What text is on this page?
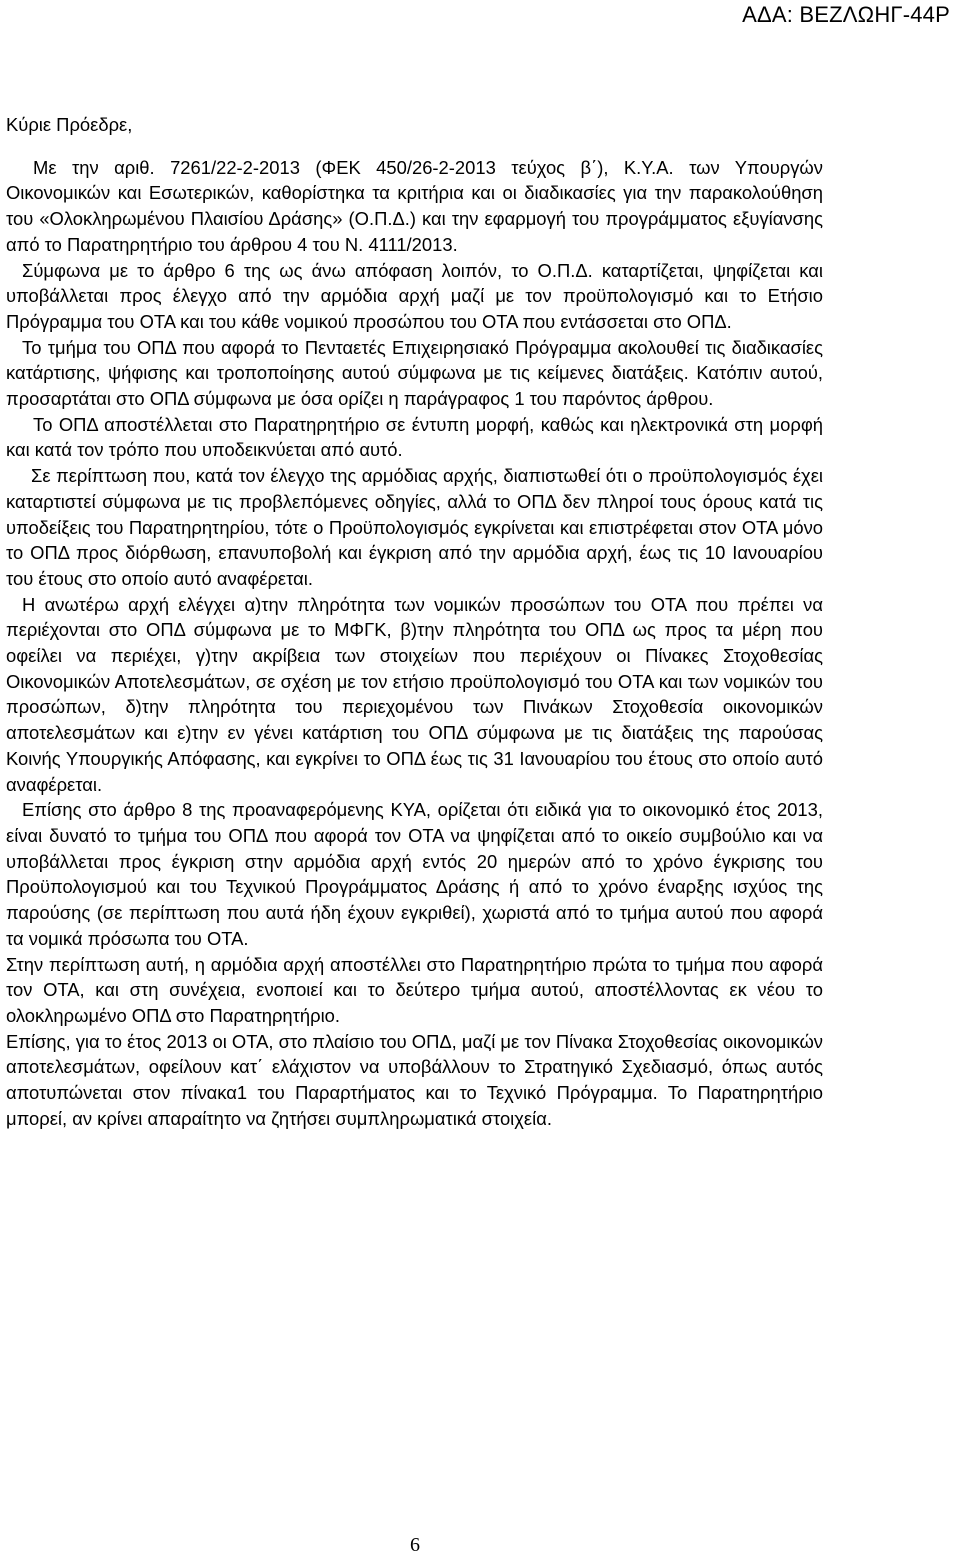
ΑΔΑ: ΒΕΖΛΩΗΓ-44Ρ

Κύριε Πρόεδρε,

Με την αριθ. 7261/22-2-2013 (ΦΕΚ 450/26-2-2013 τεύχος β΄), Κ.Υ.Α. των Υπουργών Οικονομικών και Εσωτερικών, καθορίστηκα τα κριτήρια και οι διαδικασίες για την παρακολούθηση του «Ολοκληρωμένου Πλαισίου Δράσης» (Ο.Π.Δ.) και την εφαρμογή του προγράμματος εξυγίανσης από το Παρατηρητήριο του άρθρου 4 του Ν. 4111/2013.

Σύμφωνα με το άρθρο 6 της ως άνω απόφαση λοιπόν, το Ο.Π.Δ. καταρτίζεται, ψηφίζεται και υποβάλλεται προς έλεγχο από την αρμόδια αρχή μαζί με τον προϋπολογισμό και το Ετήσιο Πρόγραμμα του ΟΤΑ και του κάθε νομικού προσώπου του ΟΤΑ που εντάσσεται στο ΟΠΔ.

Το τμήμα του ΟΠΔ που αφορά το Πενταετές Επιχειρησιακό Πρόγραμμα ακολουθεί τις διαδικασίες κατάρτισης, ψήφισης και τροποποίησης αυτού σύμφωνα με τις κείμενες διατάξεις. Κατόπιν αυτού, προσαρτάται στο ΟΠΔ σύμφωνα με όσα ορίζει η παράγραφος 1 του παρόντος άρθρου.

Το ΟΠΔ αποστέλλεται στο Παρατηρητήριο σε έντυπη μορφή, καθώς και ηλεκτρονικά στη μορφή και κατά τον τρόπο που υποδεικνύεται από αυτό.

Σε περίπτωση που, κατά τον έλεγχο της αρμόδιας αρχής, διαπιστωθεί ότι ο προϋπολογισμός έχει καταρτιστεί σύμφωνα με τις προβλεπόμενες οδηγίες, αλλά το ΟΠΔ δεν πληροί τους όρους κατά τις υποδείξεις του Παρατηρητηρίου, τότε ο Προϋπολογισμός εγκρίνεται και επιστρέφεται στον ΟΤΑ μόνο το ΟΠΔ προς διόρθωση, επανυποβολή και έγκριση από την αρμόδια αρχή, έως τις 10 Ιανουαρίου του έτους στο οποίο αυτό αναφέρεται.

Η ανωτέρω αρχή ελέγχει α)την πληρότητα των νομικών προσώπων του ΟΤΑ που πρέπει να περιέχονται στο ΟΠΔ σύμφωνα με το ΜΦΓΚ, β)την πληρότητα του ΟΠΔ ως προς τα μέρη που οφείλει να περιέχει, γ)την ακρίβεια των στοιχείων που περιέχουν οι Πίνακες Στοχοθεσίας Οικονομικών Αποτελεσμάτων, σε σχέση με τον ετήσιο προϋπολογισμό του ΟΤΑ και των νομικών του προσώπων, δ)την πληρότητα του περιεχομένου των Πινάκων Στοχοθεσία οικονομικών αποτελεσμάτων και ε)την εν γένει κατάρτιση του ΟΠΔ σύμφωνα με τις διατάξεις της παρούσας Κοινής Υπουργικής Απόφασης, και εγκρίνει το ΟΠΔ έως τις 31 Ιανουαρίου του έτους στο οποίο αυτό αναφέρεται.

Επίσης στο άρθρο 8 της προαναφερόμενης ΚΥΑ, ορίζεται ότι ειδικά για το οικονομικό έτος 2013, είναι δυνατό το τμήμα του ΟΠΔ που αφορά τον ΟΤΑ να ψηφίζεται από το οικείο συμβούλιο και να υποβάλλεται προς έγκριση στην αρμόδια αρχή εντός 20 ημερών από το χρόνο έγκρισης του Προϋπολογισμού και του Τεχνικού Προγράμματος Δράσης ή από το χρόνο έναρξης ισχύος της παρούσης (σε περίπτωση που αυτά ήδη έχουν εγκριθεί), χωριστά από το τμήμα αυτού που αφορά τα νομικά πρόσωπα του ΟΤΑ.

Στην περίπτωση αυτή, η αρμόδια αρχή αποστέλλει στο Παρατηρητήριο πρώτα το τμήμα που αφορά τον ΟΤΑ, και στη συνέχεια, ενοποιεί και το δεύτερο τμήμα αυτού, αποστέλλοντας εκ νέου το ολοκληρωμένο ΟΠΔ στο Παρατηρητήριο.

Επίσης, για το έτος 2013 οι ΟΤΑ, στο πλαίσιο του ΟΠΔ, μαζί με τον Πίνακα Στοχοθεσίας οικονομικών αποτελεσμάτων, οφείλουν κατ΄ ελάχιστον να υποβάλλουν το Στρατηγικό Σχεδιασμό, όπως αυτός αποτυπώνεται στον πίνακα1 του Παραρτήματος και το Τεχνικό Πρόγραμμα. Το Παρατηρητήριο μπορεί, αν κρίνει απαραίτητο να ζητήσει συμπληρωματικά στοιχεία.

6
